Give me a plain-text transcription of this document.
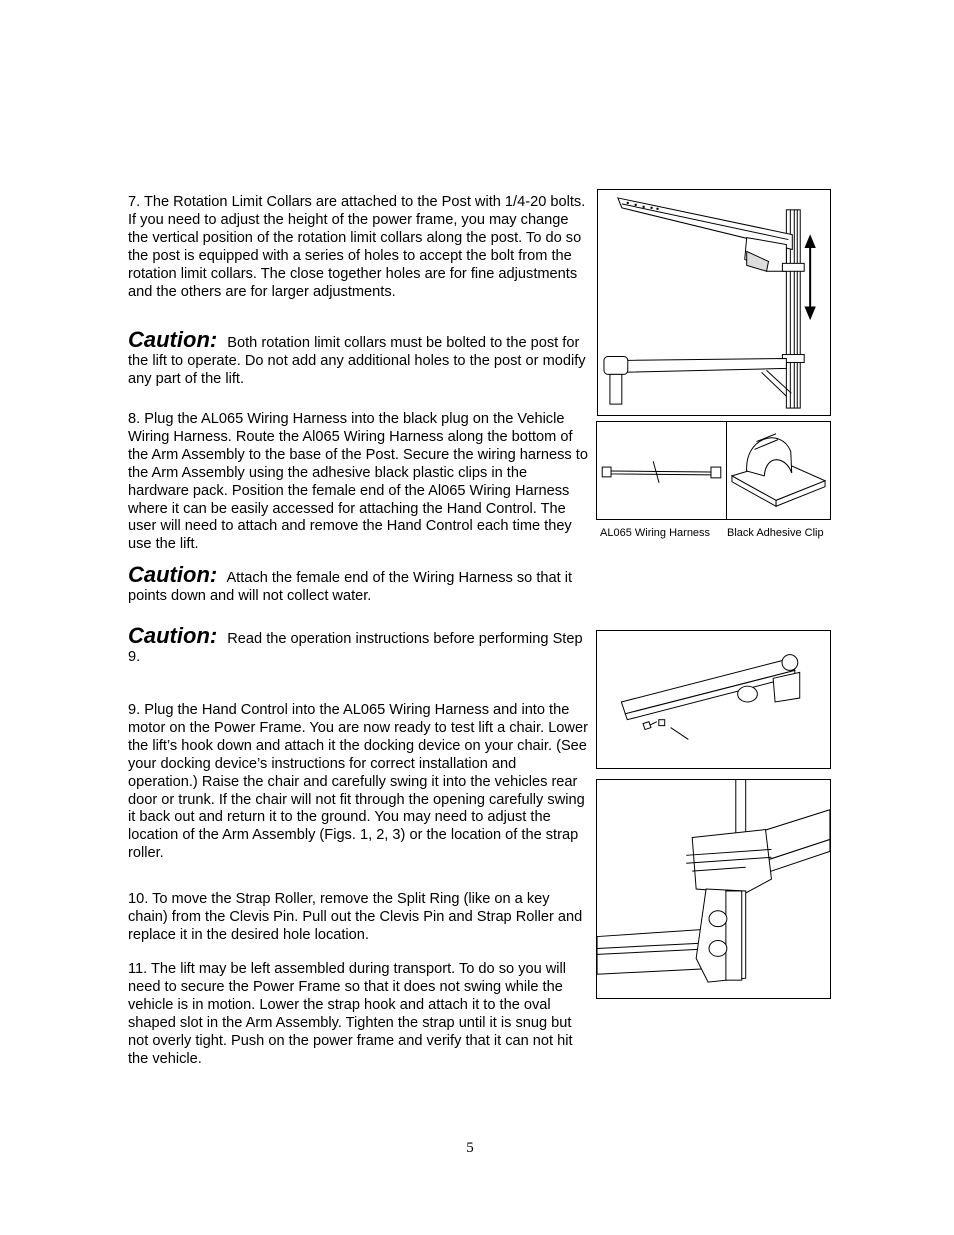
7. The Rotation Limit Collars are attached to the Post with 1/4-20 bolts. If you need to adjust the height of the power frame, you may change the vertical position of the rotation limit collars along the post. To do so the post is equipped with a series of holes to accept the bolt from the rotation limit collars. The close together holes are for fine adjustments and the others are for larger adjustments.
Caution: Both rotation limit collars must be bolted to the post for the lift to operate. Do not add any additional holes to the post or modify any part of the lift.
8. Plug the AL065 Wiring Harness into the black plug on the Vehicle Wiring Harness. Route the Al065 Wiring Harness along the bottom of the Arm Assembly to the base of the Post. Secure the wiring harness to the Arm Assembly using the adhesive black plastic clips in the hardware pack. Position the female end of the Al065 Wiring Harness where it can be easily accessed for attaching the Hand Control. The user will need to attach and remove the Hand Control each time they use the lift.
Caution: Attach the female end of the Wiring Harness so that it points down and will not collect water.
Caution: Read the operation instructions before performing Step 9.
9. Plug the Hand Control into the AL065 Wiring Harness and into the motor on the Power Frame. You are now ready to test lift a chair. Lower the lift’s hook down and attach it the docking device on your chair. (See your docking device’s instructions for correct installation and operation.) Raise the chair and carefully swing it into the vehicles rear door or trunk. If the chair will not fit through the opening carefully swing it back out and return it to the ground. You may need to adjust the location of the Arm Assembly (Figs. 1, 2, 3) or the location of the strap roller.
10. To move the Strap Roller, remove the Split Ring (like on a key chain) from the Clevis Pin. Pull out the Clevis Pin and Strap Roller and replace it in the desired hole location.
11. The lift may be left assembled during transport. To do so you will need to secure the Power Frame so that it does not swing while the vehicle is in motion. Lower the strap hook and attach it to the oval shaped slot in the Arm Assembly. Tighten the strap until it is snug but not overly tight. Push on the power frame and verify that it can not hit the vehicle.
AL065 Wiring Harness Black Adhesive Clip
5
